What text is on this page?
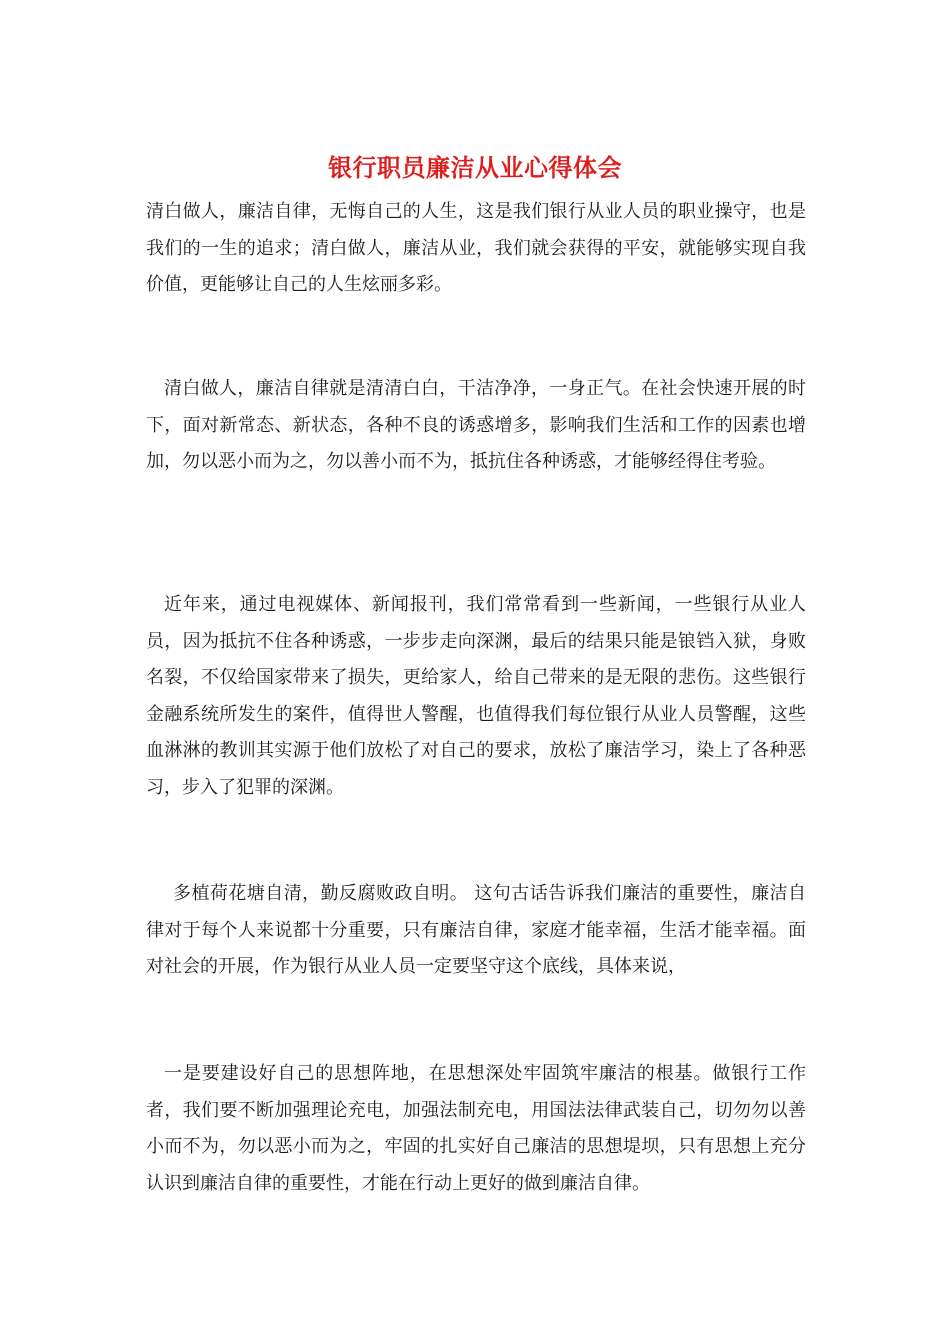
银行职员廉洁从业心得体会

清白做人，廉洁自律，无悔自己的人生，这是我们银行从业人员的职业操守，也是我们的一生的追求；清白做人，廉洁从业，我们就会获得的平安，就能够实现自我价值，更能够让自己的人生炫丽多彩。

清白做人，廉洁自律就是清清白白，干洁净净，一身正气。在社会快速开展的时下，面对新常态、新状态，各种不良的诱惑增多，影响我们生活和工作的因素也增加，勿以恶小而为之，勿以善小而不为，抵抗住各种诱惑，才能够经得住考验。

近年来，通过电视媒体、新闻报刊，我们常常看到一些新闻，一些银行从业人员，因为抵抗不住各种诱惑，一步步走向深渊，最后的结果只能是锒铛入狱，身败名裂，不仅给国家带来了损失，更给家人，给自己带来的是无限的悲伤。这些银行金融系统所发生的案件，值得世人警醒，也值得我们每位银行从业人员警醒，这些血淋淋的教训其实源于他们放松了对自己的要求，放松了廉洁学习，染上了各种恶习，步入了犯罪的深渊。

多植荷花塘自清，勤反腐败政自明。 这句古话告诉我们廉洁的重要性，廉洁自律对于每个人来说都十分重要，只有廉洁自律，家庭才能幸福，生活才能幸福。面对社会的开展，作为银行从业人员一定要坚守这个底线，具体来说，

一是要建设好自己的思想阵地，在思想深处牢固筑牢廉洁的根基。做银行工作者，我们要不断加强理论充电，加强法制充电，用国法法律武装自己，切勿勿以善小而不为，勿以恶小而为之，牢固的扎实好自己廉洁的思想堤坝，只有思想上充分认识到廉洁自律的重要性，才能在行动上更好的做到廉洁自律。
